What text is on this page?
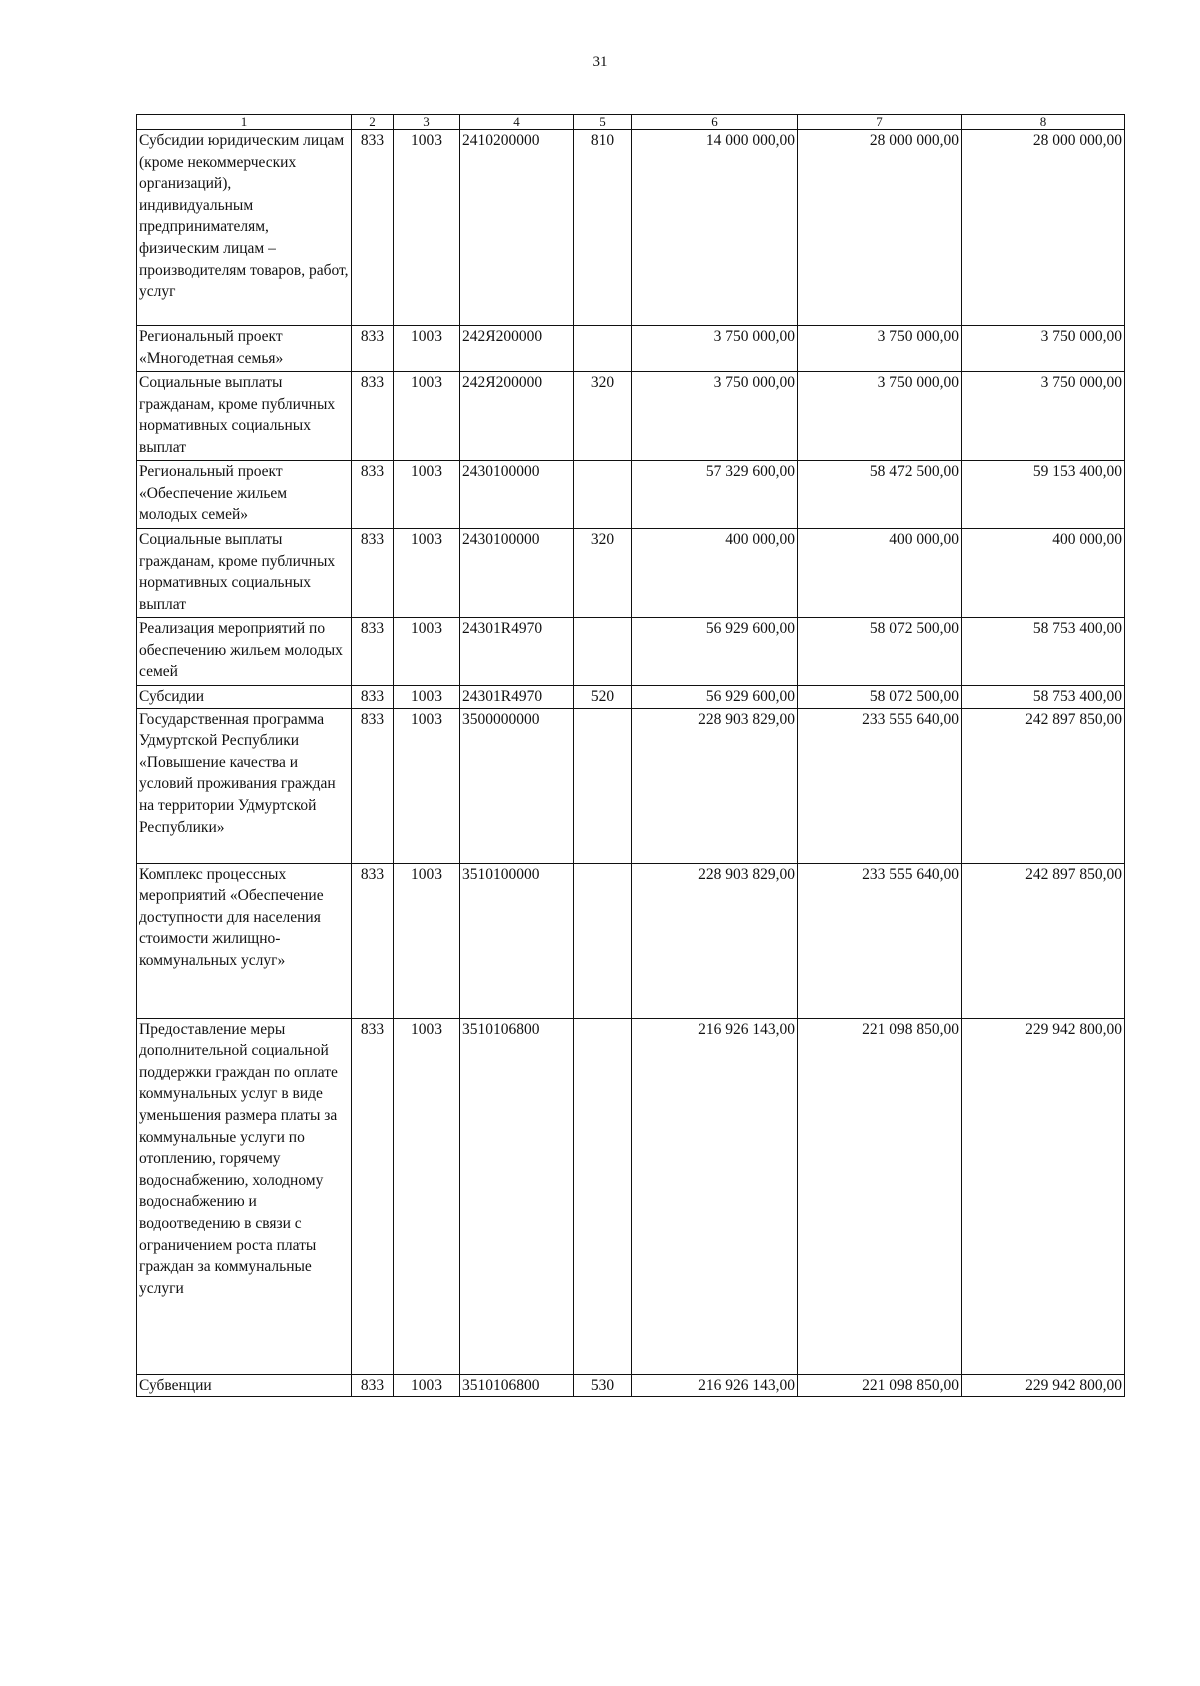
31
1	2	3	4	5	6	7	8
Субсидии юридическим лицам (кроме некоммерческих организаций), индивидуальным предпринимателям, физическим лицам – производителям товаров, работ, услуг	833	1003	2410200000	810	14 000 000,00	28 000 000,00	28 000 000,00
Региональный проект «Многодетная семья»	833	1003	242Я200000		3 750 000,00	3 750 000,00	3 750 000,00
Социальные выплаты гражданам, кроме публичных нормативных социальных выплат	833	1003	242Я200000	320	3 750 000,00	3 750 000,00	3 750 000,00
Региональный проект «Обеспечение жильем молодых семей»	833	1003	2430100000		57 329 600,00	58 472 500,00	59 153 400,00
Социальные выплаты гражданам, кроме публичных нормативных социальных выплат	833	1003	2430100000	320	400 000,00	400 000,00	400 000,00
Реализация мероприятий по обеспечению жильем молодых семей	833	1003	24301R4970		56 929 600,00	58 072 500,00	58 753 400,00
Субсидии	833	1003	24301R4970	520	56 929 600,00	58 072 500,00	58 753 400,00
Государственная программа Удмуртской Республики «Повышение качества и условий проживания граждан на территории Удмуртской Республики»	833	1003	3500000000		228 903 829,00	233 555 640,00	242 897 850,00
Комплекс процессных мероприятий «Обеспечение доступности для населения стоимости жилищно-коммунальных услуг»	833	1003	3510100000		228 903 829,00	233 555 640,00	242 897 850,00
Предоставление меры дополнительной социальной поддержки граждан по оплате коммунальных услуг в виде уменьшения размера платы за коммунальные услуги по отоплению, горячему водоснабжению, холодному водоснабжению и водоотведению в связи с ограничением роста платы граждан за коммунальные услуги	833	1003	3510106800		216 926 143,00	221 098 850,00	229 942 800,00
Субвенции	833	1003	3510106800	530	216 926 143,00	221 098 850,00	229 942 800,00
